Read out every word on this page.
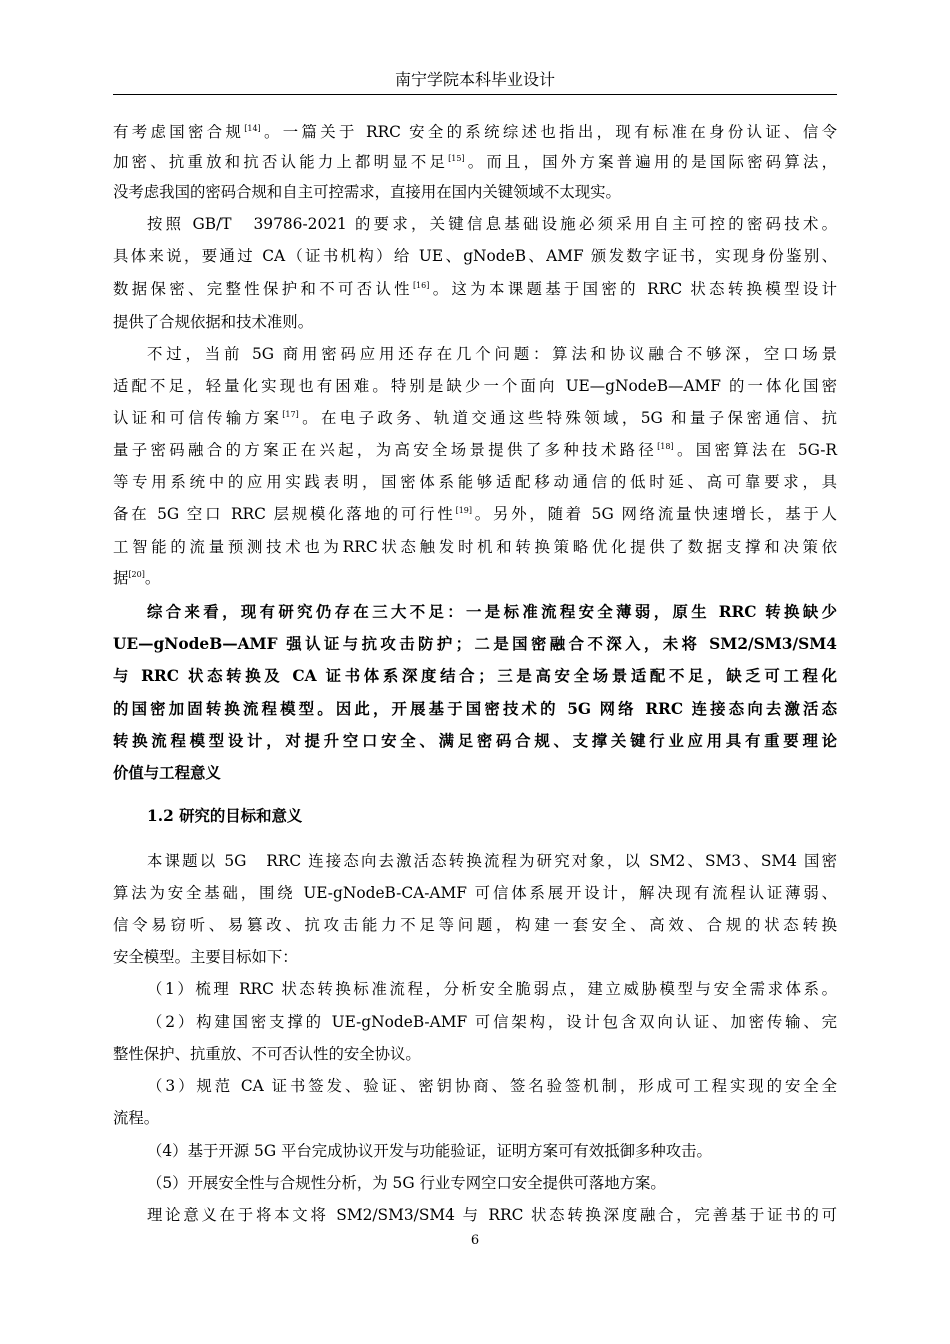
南宁学院本科毕业设计
有考虑国密合规[14]。一篇关于 RRC 安全的系统综述也指出，现有标准在身份认证、信令
加密、抗重放和抗否认能力上都明显不足[15]。而且，国外方案普遍用的是国际密码算法，
没考虑我国的密码合规和自主可控需求，直接用在国内关键领域不太现实。
按照 GB/T　39786-2021 的要求，关键信息基础设施必须采用自主可控的密码技术。
具体来说，要通过 CA（证书机构）给 UE、gNodeB、AMF 颁发数字证书，实现身份鉴别、
数据保密、完整性保护和不可否认性[16]。这为本课题基于国密的 RRC 状态转换模型设计
提供了合规依据和技术准则。
不过，当前 5G 商用密码应用还存在几个问题：算法和协议融合不够深，空口场景
适配不足，轻量化实现也有困难。特别是缺少一个面向 UE—gNodeB—AMF 的一体化国密
认证和可信传输方案[17]。在电子政务、轨道交通这些特殊领域，5G 和量子保密通信、抗
量子密码融合的方案正在兴起，为高安全场景提供了多种技术路径[18]。国密算法在 5G-R
等专用系统中的应用实践表明，国密体系能够适配移动通信的低时延、高可靠要求，具
备在 5G 空口 RRC 层规模化落地的可行性[19]。另外，随着 5G 网络流量快速增长，基于人
工智能的流量预测技术也为RRC状态触发时机和转换策略优化提供了数据支撑和决策依
据[20]。
综合来看，现有研究仍存在三大不足：一是标准流程安全薄弱，原生 RRC 转换缺少
UE—gNodeB—AMF 强认证与抗攻击防护；二是国密融合不深入，未将 SM2/SM3/SM4
与 RRC 状态转换及 CA 证书体系深度结合；三是高安全场景适配不足，缺乏可工程化
的国密加固转换流程模型。因此，开展基于国密技术的 5G 网络 RRC 连接态向去激活态
转换流程模型设计，对提升空口安全、满足密码合规、支撑关键行业应用具有重要理论
价值与工程意义
1.2 研究的目标和意义
本课题以 5G　RRC 连接态向去激活态转换流程为研究对象，以 SM2、SM3、SM4 国密
算法为安全基础，围绕 UE-gNodeB-CA-AMF 可信体系展开设计，解决现有流程认证薄弱、
信令易窃听、易篡改、抗攻击能力不足等问题，构建一套安全、高效、合规的状态转换
安全模型。主要目标如下：
（1）梳理 RRC 状态转换标准流程，分析安全脆弱点，建立威胁模型与安全需求体系。
（2）构建国密支撑的 UE-gNodeB-AMF 可信架构，设计包含双向认证、加密传输、完
整性保护、抗重放、不可否认性的安全协议。
（3）规范 CA 证书签发、验证、密钥协商、签名验签机制，形成可工程实现的安全全
流程。
（4）基于开源 5G 平台完成协议开发与功能验证，证明方案可有效抵御多种攻击。
（5）开展安全性与合规性分析，为 5G 行业专网空口安全提供可落地方案。
理论意义在于将本文将 SM2/SM3/SM4 与 RRC 状态转换深度融合，完善基于证书的可
6
